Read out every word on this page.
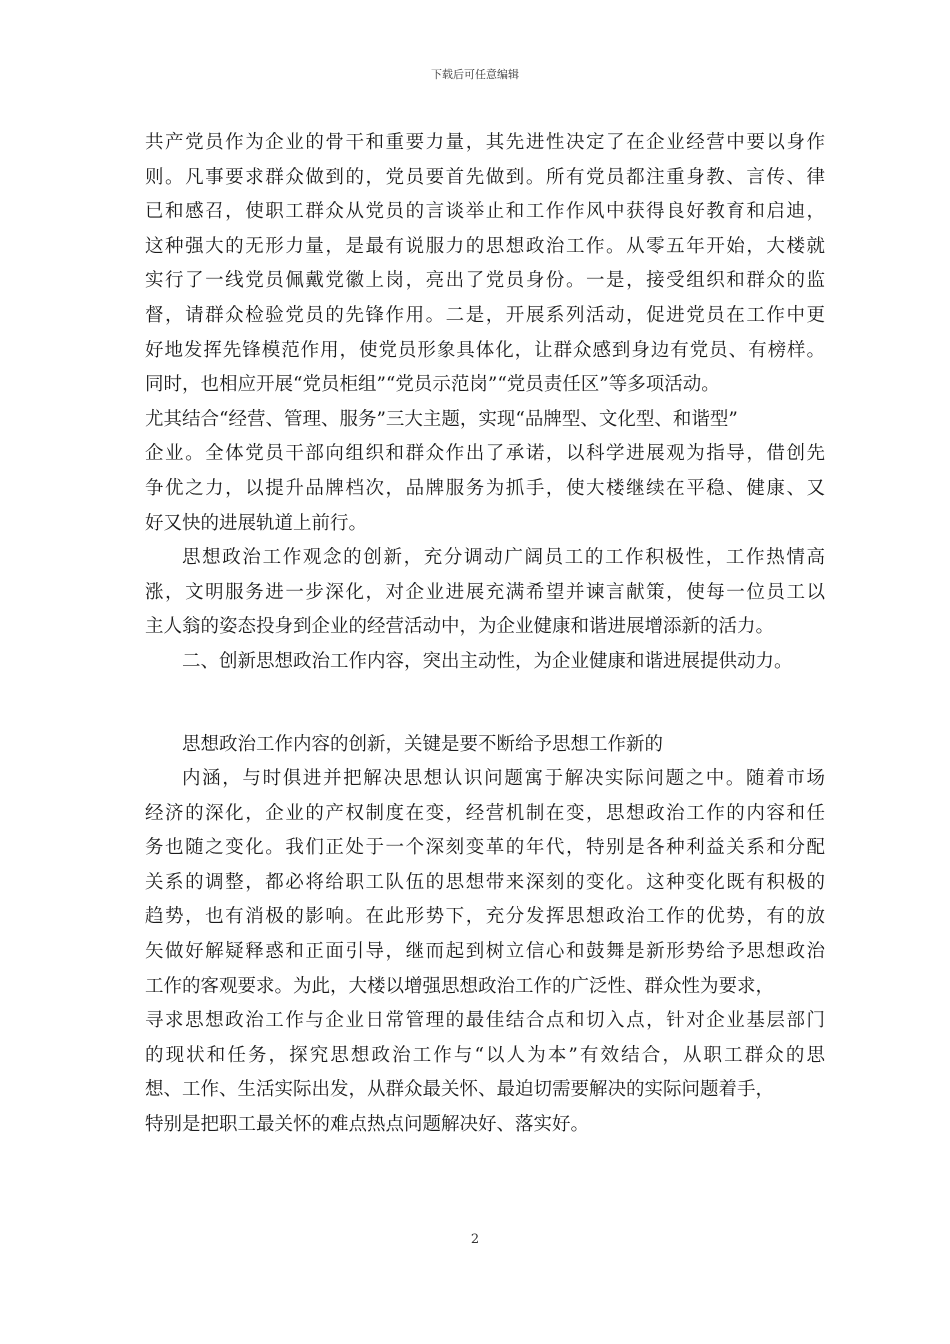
下载后可任意编辑
共产党员作为企业的骨干和重要力量，其先进性决定了在企业经营中要以身作
则。凡事要求群众做到的，党员要首先做到。所有党员都注重身教、言传、律
已和感召，使职工群众从党员的言谈举止和工作作风中获得良好教育和启迪，
这种强大的无形力量，是最有说服力的思想政治工作。从零五年开始，大楼就
实行了一线党员佩戴党徽上岗，亮出了党员身份。一是，接受组织和群众的监
督，请群众检验党员的先锋作用。二是，开展系列活动，促进党员在工作中更
好地发挥先锋模范作用，使党员形象具体化，让群众感到身边有党员、有榜样。
同时，也相应开展“党员柜组”“党员示范岗”“党员责任区”等多项活动。
尤其结合“经营、管理、服务”三大主题，实现“品牌型、文化型、和谐型”
企业。全体党员干部向组织和群众作出了承诺，以科学进展观为指导，借创先
争优之力，以提升品牌档次，品牌服务为抓手，使大楼继续在平稳、健康、又
好又快的进展轨道上前行。
思想政治工作观念的创新，充分调动广阔员工的工作积极性，工作热情高
涨，文明服务进一步深化，对企业进展充满希望并谏言献策，使每一位员工以
主人翁的姿态投身到企业的经营活动中，为企业健康和谐进展增添新的活力。
二、创新思想政治工作内容，突出主动性，为企业健康和谐进展提供动力。
思想政治工作内容的创新，关键是要不断给予思想工作新的
内涵，与时俱进并把解决思想认识问题寓于解决实际问题之中。随着市场
经济的深化，企业的产权制度在变，经营机制在变，思想政治工作的内容和任
务也随之变化。我们正处于一个深刻变革的年代，特别是各种利益关系和分配
关系的调整，都必将给职工队伍的思想带来深刻的变化。这种变化既有积极的
趋势，也有消极的影响。在此形势下，充分发挥思想政治工作的优势，有的放
矢做好解疑释惑和正面引导，继而起到树立信心和鼓舞是新形势给予思想政治
工作的客观要求。为此，大楼以增强思想政治工作的广泛性、群众性为要求，
寻求思想政治工作与企业日常管理的最佳结合点和切入点，针对企业基层部门
的现状和任务，探究思想政治工作与“以人为本”有效结合，从职工群众的思
想、工作、生活实际出发，从群众最关怀、最迫切需要解决的实际问题着手，
特别是把职工最关怀的难点热点问题解决好、落实好。
2
